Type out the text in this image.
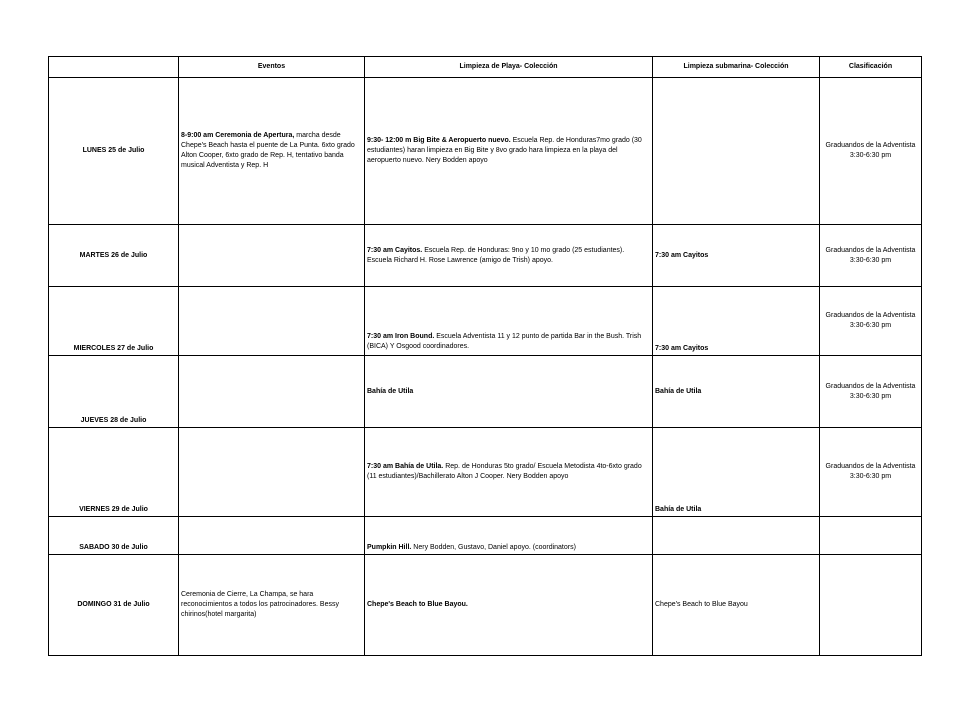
	Eventos	Limpieza de Playa- Colección	Limpieza submarina- Colección	Clasificación
LUNES 25 de Julio	8-9:00 am Ceremonia de Apertura, marcha desde Chepe's Beach hasta el puente de La Punta. 6xto grado Alton Cooper, 6xto grado de Rep. H, tentativo banda musical Adventista y Rep. H	9:30- 12:00 m Big Bite & Aeropuerto nuevo. Escuela Rep. de Honduras7mo grado (30 estudiantes) haran limpieza en Big Bite y 8vo grado hara limpieza en la playa del aeropuerto nuevo. Nery Bodden apoyo		Graduandos de la Adventista 3:30-6:30 pm
MARTES 26 de Julio		7:30 am Cayitos. Escuela Rep. de Honduras: 9no y 10 mo grado (25 estudiantes). Escuela Richard H. Rose Lawrence (amigo de Trish) apoyo.	7:30 am Cayitos	Graduandos de la Adventista 3:30-6:30 pm
MIERCOLES 27 de Julio		7:30 am Iron Bound. Escuela Adventista 11 y 12 punto de partida Bar in the Bush. Trish (BICA) Y Osgood coordinadores.	7:30 am Cayitos	Graduandos de la Adventista 3:30-6:30 pm
JUEVES 28 de Julio		Bahía de Utila	Bahía de Utila	Graduandos de la Adventista 3:30-6:30 pm
VIERNES 29 de Julio		7:30 am Bahía de Utila. Rep. de Honduras 5to grado/ Escuela Metodista 4to-6xto grado (11 estudiantes)/Bachillerato Alton J Cooper. Nery Bodden apoyo	Bahía de Utila	Graduandos de la Adventista 3:30-6:30 pm
SABADO 30 de Julio		Pumpkin Hill. Nery Bodden, Gustavo, Daniel apoyo. (coordinators)		
DOMINGO 31 de Julio	Ceremonia de Cierre, La Champa, se hara reconocimientos a todos los patrocinadores. Bessy chirinos(hotel margarita)	Chepe's Beach to Blue Bayou.	Chepe's Beach to Blue Bayou	
